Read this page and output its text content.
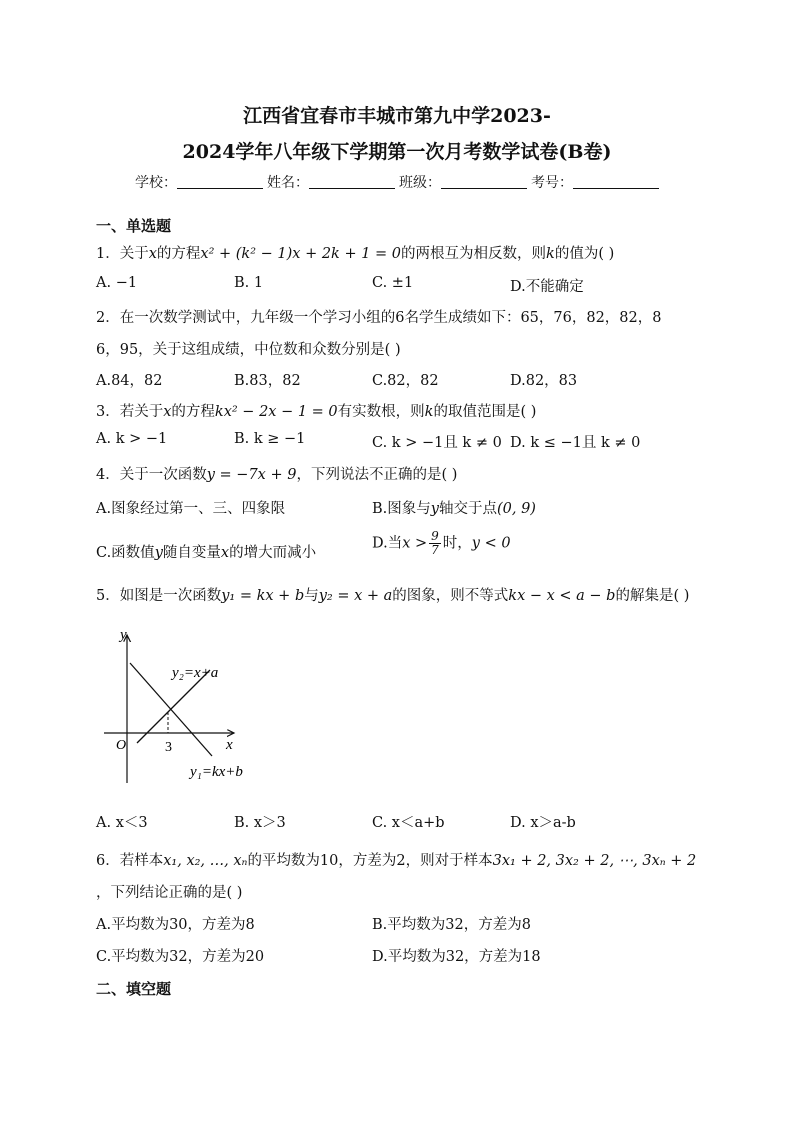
江西省宜春市丰城市第九中学2023-
2024学年八年级下学期第一次月考数学试卷(B卷)
学校：	姓名：	班级：	考号：
一、单选题
1．关于x的方程x² + (k² − 1)x + 2k + 1 = 0的两根互为相反数，则k的值为( )
A. −1	B. 1	C. ±1	D.不能确定
2．在一次数学测试中，九年级一个学习小组的6名学生成绩如下：65，76，82，82，8
6，95，关于这组成绩，中位数和众数分别是( )
A.84，82	B.83，82	C.82，82	D.82，83
3．若关于x的方程kx² − 2x − 1 = 0有实数根，则k的取值范围是( )
A. k > −1	B. k ≥ −1	C. k > −1且 k ≠ 0 D. k ≤ −1且 k ≠ 0
4．关于一次函数y = −7x + 9，下列说法不正确的是( )
A.图象经过第一、三、四象限	B.图象与y轴交于点(0, 9)
C.函数值y随自变量x的增大而减小
D.当$x > \frac{9}{7}$ 时，y < 0
5．如图是一次函数y₁ = kx + b与y₂ = x + a的图象，则不等式kx − x < a − b的解集是( )
y
x
O	3
y₂=x+a
y₁=kx+b
A. x＜3	B. x＞3	C. x＜a+b	D. x＞a-b
6．若样本x₁, x₂, …, xₙ的平均数为10，方差为2，则对于样本3x₁ + 2, 3x₂ + 2, ⋯, 3xₙ + 2
，下列结论正确的是( )
A.平均数为30，方差为8	B.平均数为32，方差为8
C.平均数为32，方差为20	D.平均数为32，方差为18
二、填空题
